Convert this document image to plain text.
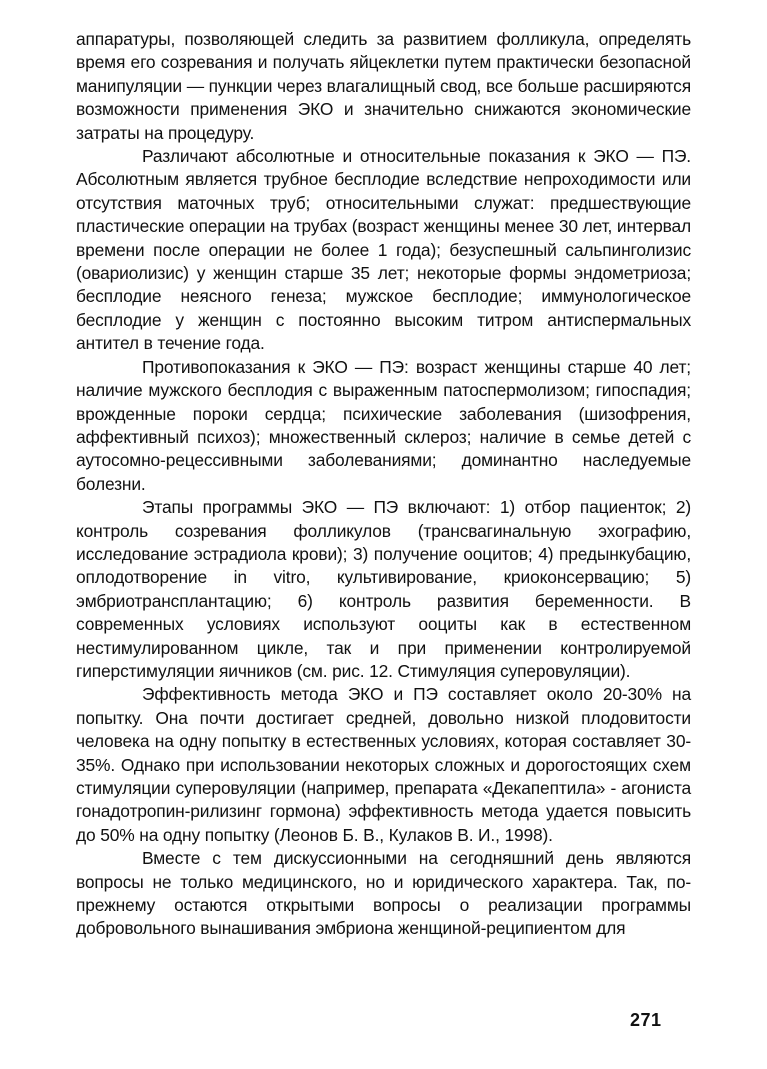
аппаратуры, позволяющей следить за развитием фолликула, определять время его созревания и получать яйцеклетки путем практически безопасной манипуляции — пункции через влагалищный свод, все больше расширяются возможности применения ЭКО и значительно снижаются экономические затраты на процедуру.

Различают абсолютные и относительные показания к ЭКО — ПЭ. Абсолютным является трубное бесплодие вследствие непроходимости или отсутствия маточных труб; относительными служат: предшествующие пластические операции на трубах (возраст женщины менее 30 лет, интервал времени после операции не более 1 года); безуспешный сальпинголизис (овариолизис) у женщин старше 35 лет; некоторые формы эндометриоза; бесплодие неясного генеза; мужское бесплодие; иммунологическое бесплодие у женщин с постоянно высоким титром антиспермальных антител в течение года.

Противопоказания к ЭКО — ПЭ: возраст женщины старше 40 лет; наличие мужского бесплодия с выраженным патоспермолизом; гипоспадия; врожденные пороки сердца; психические заболевания (шизофрения, аффективный психоз); множественный склероз; наличие в семье детей с аутосомно-рецессивными заболеваниями; доминантно наследуемые болезни.

Этапы программы ЭКО — ПЭ включают: 1) отбор пациенток; 2) контроль созревания фолликулов (трансвагинальную эхографию, исследование эстрадиола крови); 3) получение ооцитов; 4) предынкубацию, оплодотворение in vitro, культивирование, криоконсервацию; 5) эмбриотрансплантацию; 6) контроль развития беременности. В современных условиях используют ооциты как в естественном нестимулированном цикле, так и при применении контролируемой гиперстимуляции яичников (см. рис. 12. Стимуляция суперовуляции).

Эффективность метода ЭКО и ПЭ составляет около 20-30% на попытку. Она почти достигает средней, довольно низкой плодовитости человека на одну попытку в естественных условиях, которая составляет 30-35%. Однако при использовании некоторых сложных и дорогостоящих схем стимуляции суперовуляции (например, препарата «Декапептила» - агониста гонадотропин-рилизинг гормона) эффективность метода удается повысить до 50% на одну попытку (Леонов Б. В., Кулаков В. И., 1998).

Вместе с тем дискуссионными на сегодняшний день являются вопросы не только медицинского, но и юридического характера. Так, по-прежнему остаются открытыми вопросы о реализации программы добровольного вынашивания эмбриона женщиной-реципиентом для

271
